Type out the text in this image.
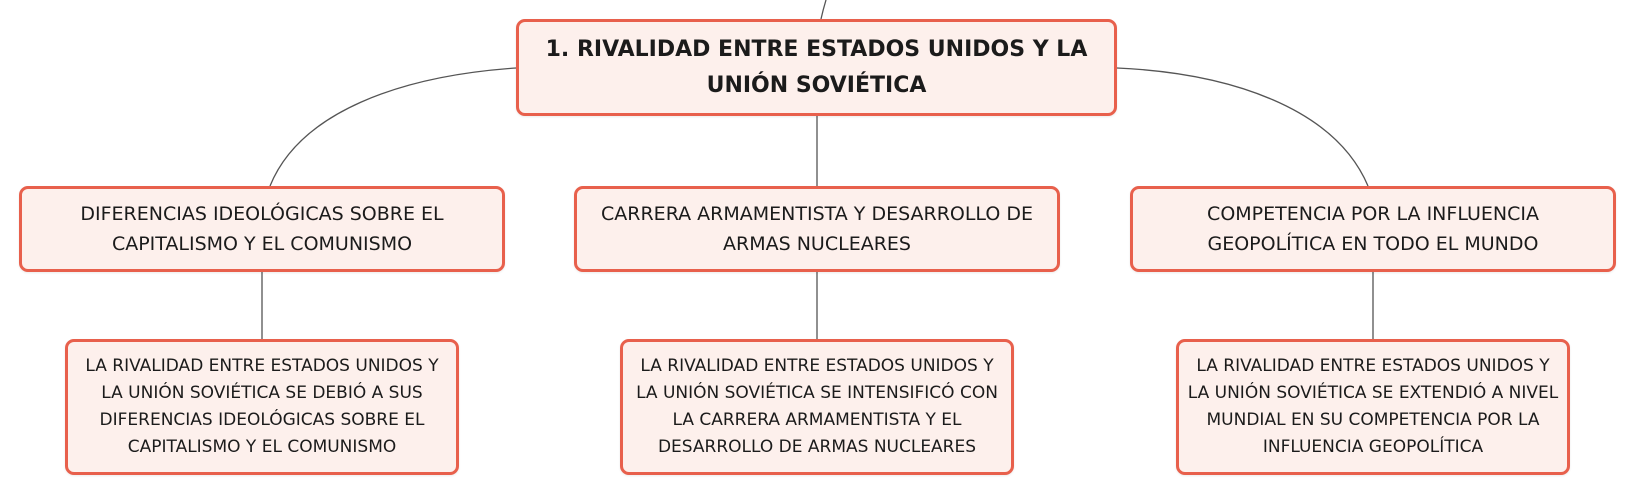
1. RIVALIDAD ENTRE ESTADOS UNIDOS Y LA UNIÓN SOVIÉTICA
DIFERENCIAS IDEOLÓGICAS SOBRE EL CAPITALISMO Y EL COMUNISMO
CARRERA ARMAMENTISTA Y DESARROLLO DE ARMAS NUCLEARES
COMPETENCIA POR LA INFLUENCIA GEOPOLÍTICA EN TODO EL MUNDO
LA RIVALIDAD ENTRE ESTADOS UNIDOS Y LA UNIÓN SOVIÉTICA SE DEBIÓ A SUS DIFERENCIAS IDEOLÓGICAS SOBRE EL CAPITALISMO Y EL COMUNISMO
LA RIVALIDAD ENTRE ESTADOS UNIDOS Y LA UNIÓN SOVIÉTICA SE INTENSIFICÓ CON LA CARRERA ARMAMENTISTA Y EL DESARROLLO DE ARMAS NUCLEARES
LA RIVALIDAD ENTRE ESTADOS UNIDOS Y LA UNIÓN SOVIÉTICA SE EXTENDIÓ A NIVEL MUNDIAL EN SU COMPETENCIA POR LA INFLUENCIA GEOPOLÍTICA
